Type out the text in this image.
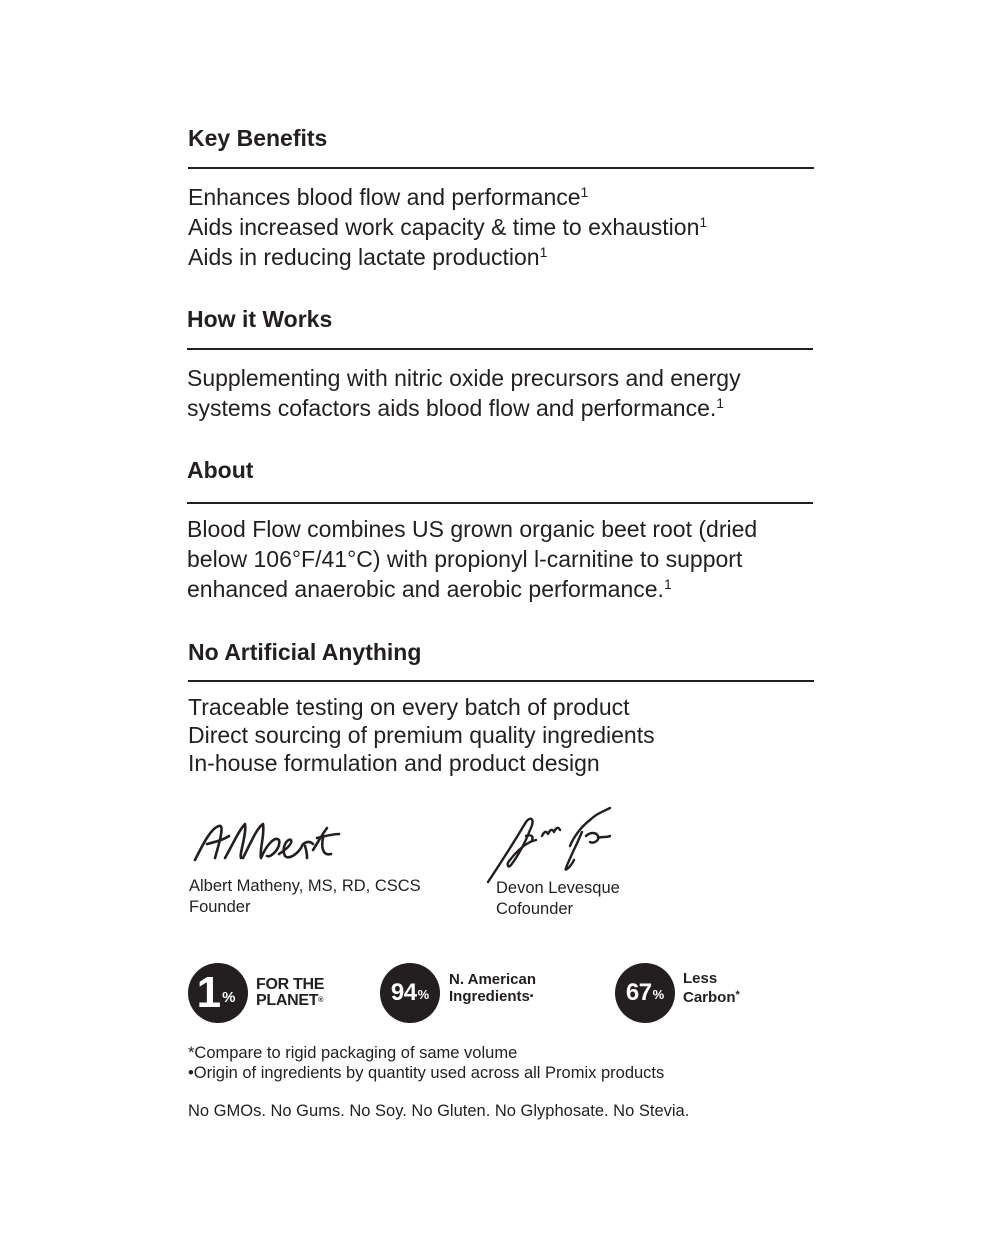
Key Benefits
Enhances blood flow and performance$^1$
Aids increased work capacity & time to exhaustion$^1$
Aids in reducing lactate production$^1$
How it Works
Supplementing with nitric oxide precursors and energy
systems cofactors aids blood flow and performance.$^1$
About
Blood Flow combines US grown organic beet root (dried
below 106°F/41°C) with propionyl l-carnitine to support
enhanced anaerobic and aerobic performance.$^1$
No Artificial Anything
Traceable testing on every batch of product
Direct sourcing of premium quality ingredients
In-house formulation and product design
Albert Matheny, MS, RD, CSCS
Founder
Devon Levesque
Cofounder
1 %
FOR THE
PLANET®	94 %
N. American
Ingredients•	67 %
Less
Carbon*
*Compare to rigid packaging of same volume
•Origin of ingredients by quantity used across all Promix products
No GMOs. No Gums. No Soy. No Gluten. No Glyphosate. No Stevia.
